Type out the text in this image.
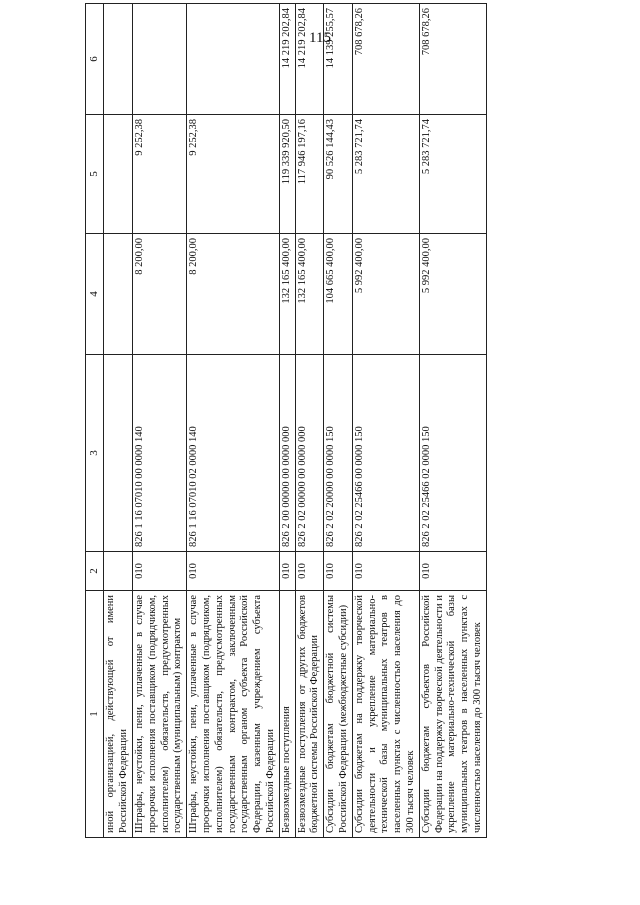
115
1	2	3	4	5	6
иной организацией, действующей от имени Российской Федерации					
Штрафы, неустойки, пени, уплаченные в случае просрочки исполнения поставщиком (подрядчиком, исполнителем) обязательств, предусмотренных государственным (муниципальным) контрактом	010	826 1 16 07010 00 0000 140	8 200,00	9 252,38	
Штрафы, неустойки, пени, уплаченные в случае просрочки исполнения поставщиком (подрядчиком, исполнителем) обязательств, предусмотренных государственным контрактом, заключенным государственным органом субъекта Российской Федерации, казенным учреждением субъекта Российской Федерации	010	826 1 16 07010 02 0000 140	8 200,00	9 252,38	
Безвозмездные поступления	010	826 2 00 00000 00 0000 000	132 165 400,00	119 339 920,50	14 219 202,84
Безвозмездные поступления от других бюджетов бюджетной системы Российской Федерации	010	826 2 02 00000 00 0000 000	132 165 400,00	117 946 197,16	14 219 202,84
Субсидии бюджетам бюджетной системы Российской Федерации (межбюджетные субсидии)	010	826 2 02 20000 00 0000 150	104 665 400,00	90 526 144,43	14 139 255,57
Субсидии бюджетам на поддержку творческой деятельности и укрепление материально-технической базы муниципальных театров в населенных пунктах с численностью населения до 300 тысяч человек	010	826 2 02 25466 00 0000 150	5 992 400,00	5 283 721,74	708 678,26
Субсидии бюджетам субъектов Российской Федерации на поддержку творческой деятельности и укрепление материально-технической базы муниципальных театров в населенных пунктах с численностью населения до 300 тысяч человек	010	826 2 02 25466 02 0000 150	5 992 400,00	5 283 721,74	708 678,26
